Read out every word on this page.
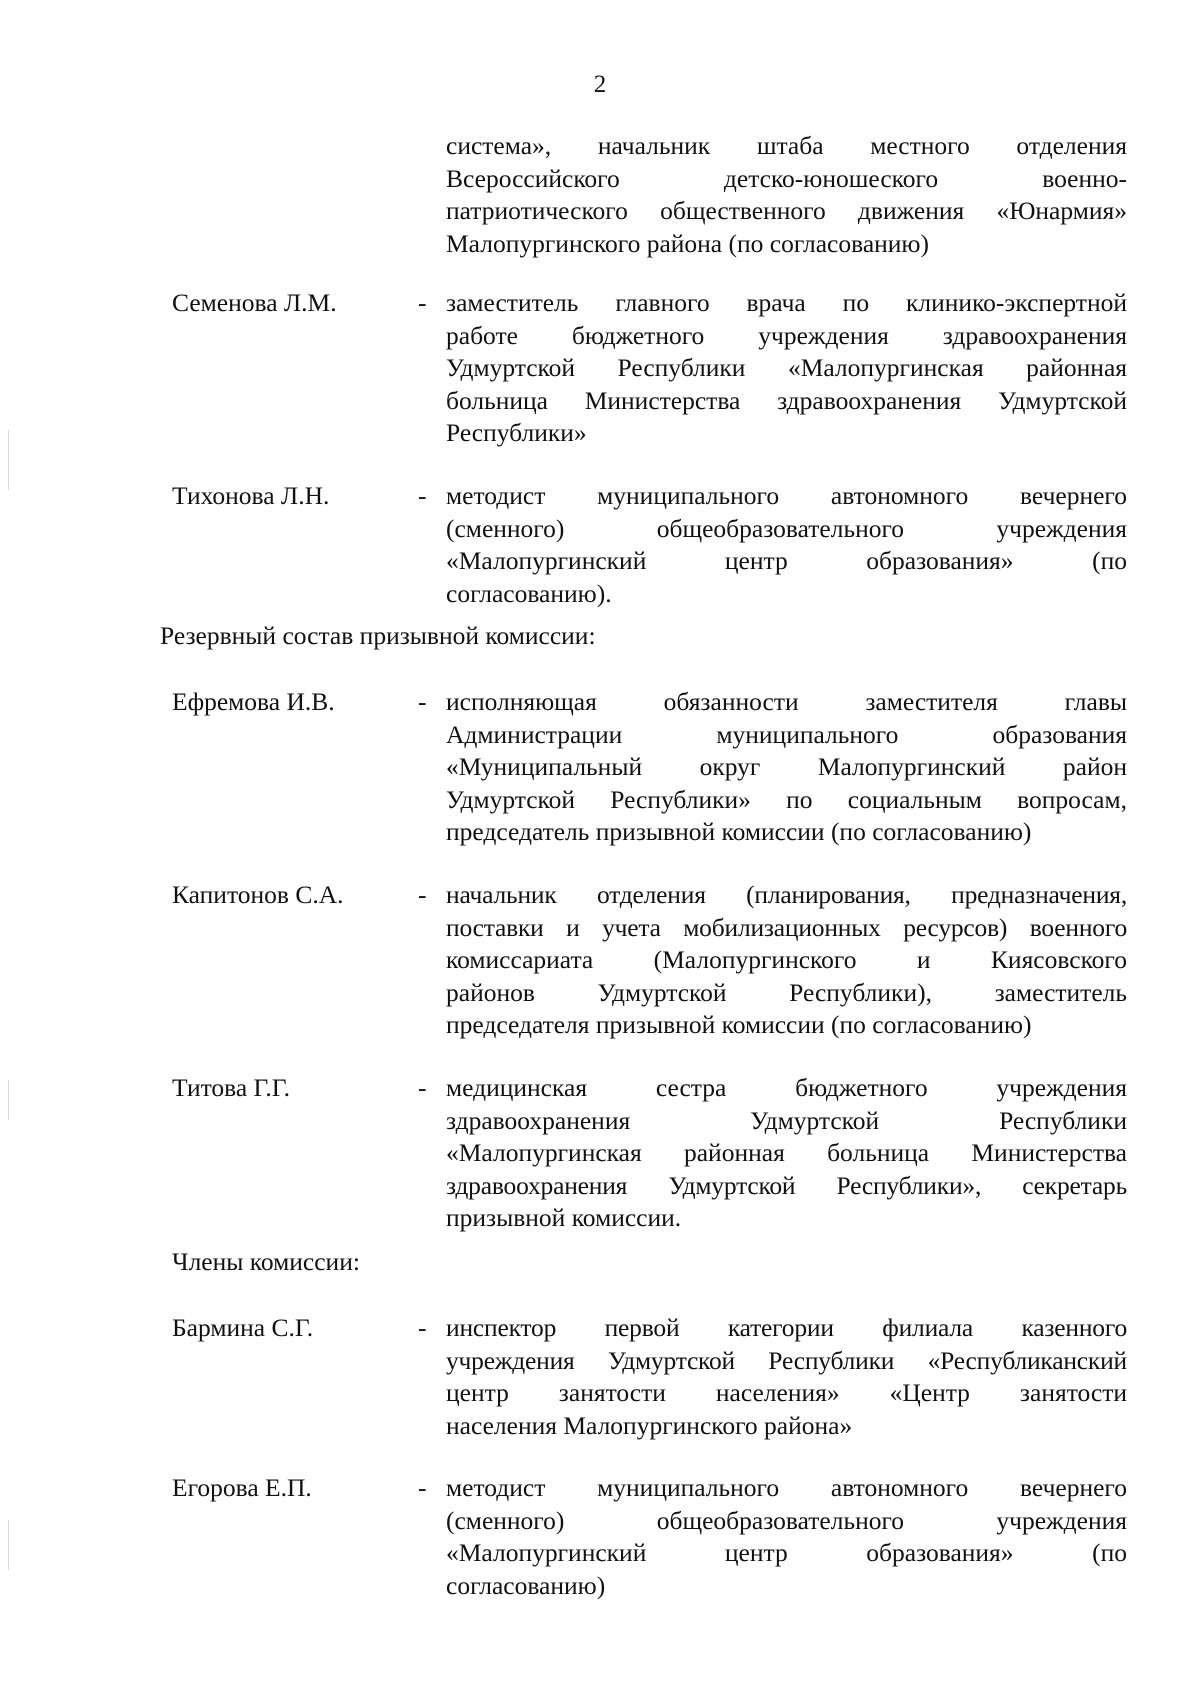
2
система», начальник штаба местного отделения
Всероссийского детско-юношеского военно-
патриотического общественного движения «Юнармия»
Малопургинского района (по согласованию)
Семенова Л.М.	- заместитель главного врача по клинико-экспертной
работе бюджетного учреждения здравоохранения
Удмуртской Республики «Малопургинская районная
больница Министерства здравоохранения Удмуртской
Республики»
Тихонова Л.Н.	- методист муниципального автономного вечернего
(сменного) общеобразовательного учреждения
«Малопургинский центр образования» (по
согласованию).
Резервный состав призывной комиссии:
Ефремова И.В.	- исполняющая обязанности заместителя главы
Администрации муниципального образования
«Муниципальный округ Малопургинский район
Удмуртской Республики» по социальным вопросам,
председатель призывной комиссии (по согласованию)
Капитонов С.А.	- начальник отделения (планирования, предназначения,
поставки и учета мобилизационных ресурсов) военного
комиссариата (Малопургинского и Киясовского
районов Удмуртской Республики), заместитель
председателя призывной комиссии (по согласованию)
Титова Г.Г.	- медицинская сестра бюджетного учреждения
здравоохранения Удмуртской Республики
«Малопургинская районная больница Министерства
здравоохранения Удмуртской Республики», секретарь
призывной комиссии.
Члены комиссии:
Бармина С.Г.	- инспектор первой категории филиала казенного
учреждения Удмуртской Республики «Республиканский
центр занятости населения» «Центр занятости
населения Малопургинского района»
Егорова Е.П.	- методист муниципального автономного вечернего
(сменного) общеобразовательного учреждения
«Малопургинский центр образования» (по
согласованию)
